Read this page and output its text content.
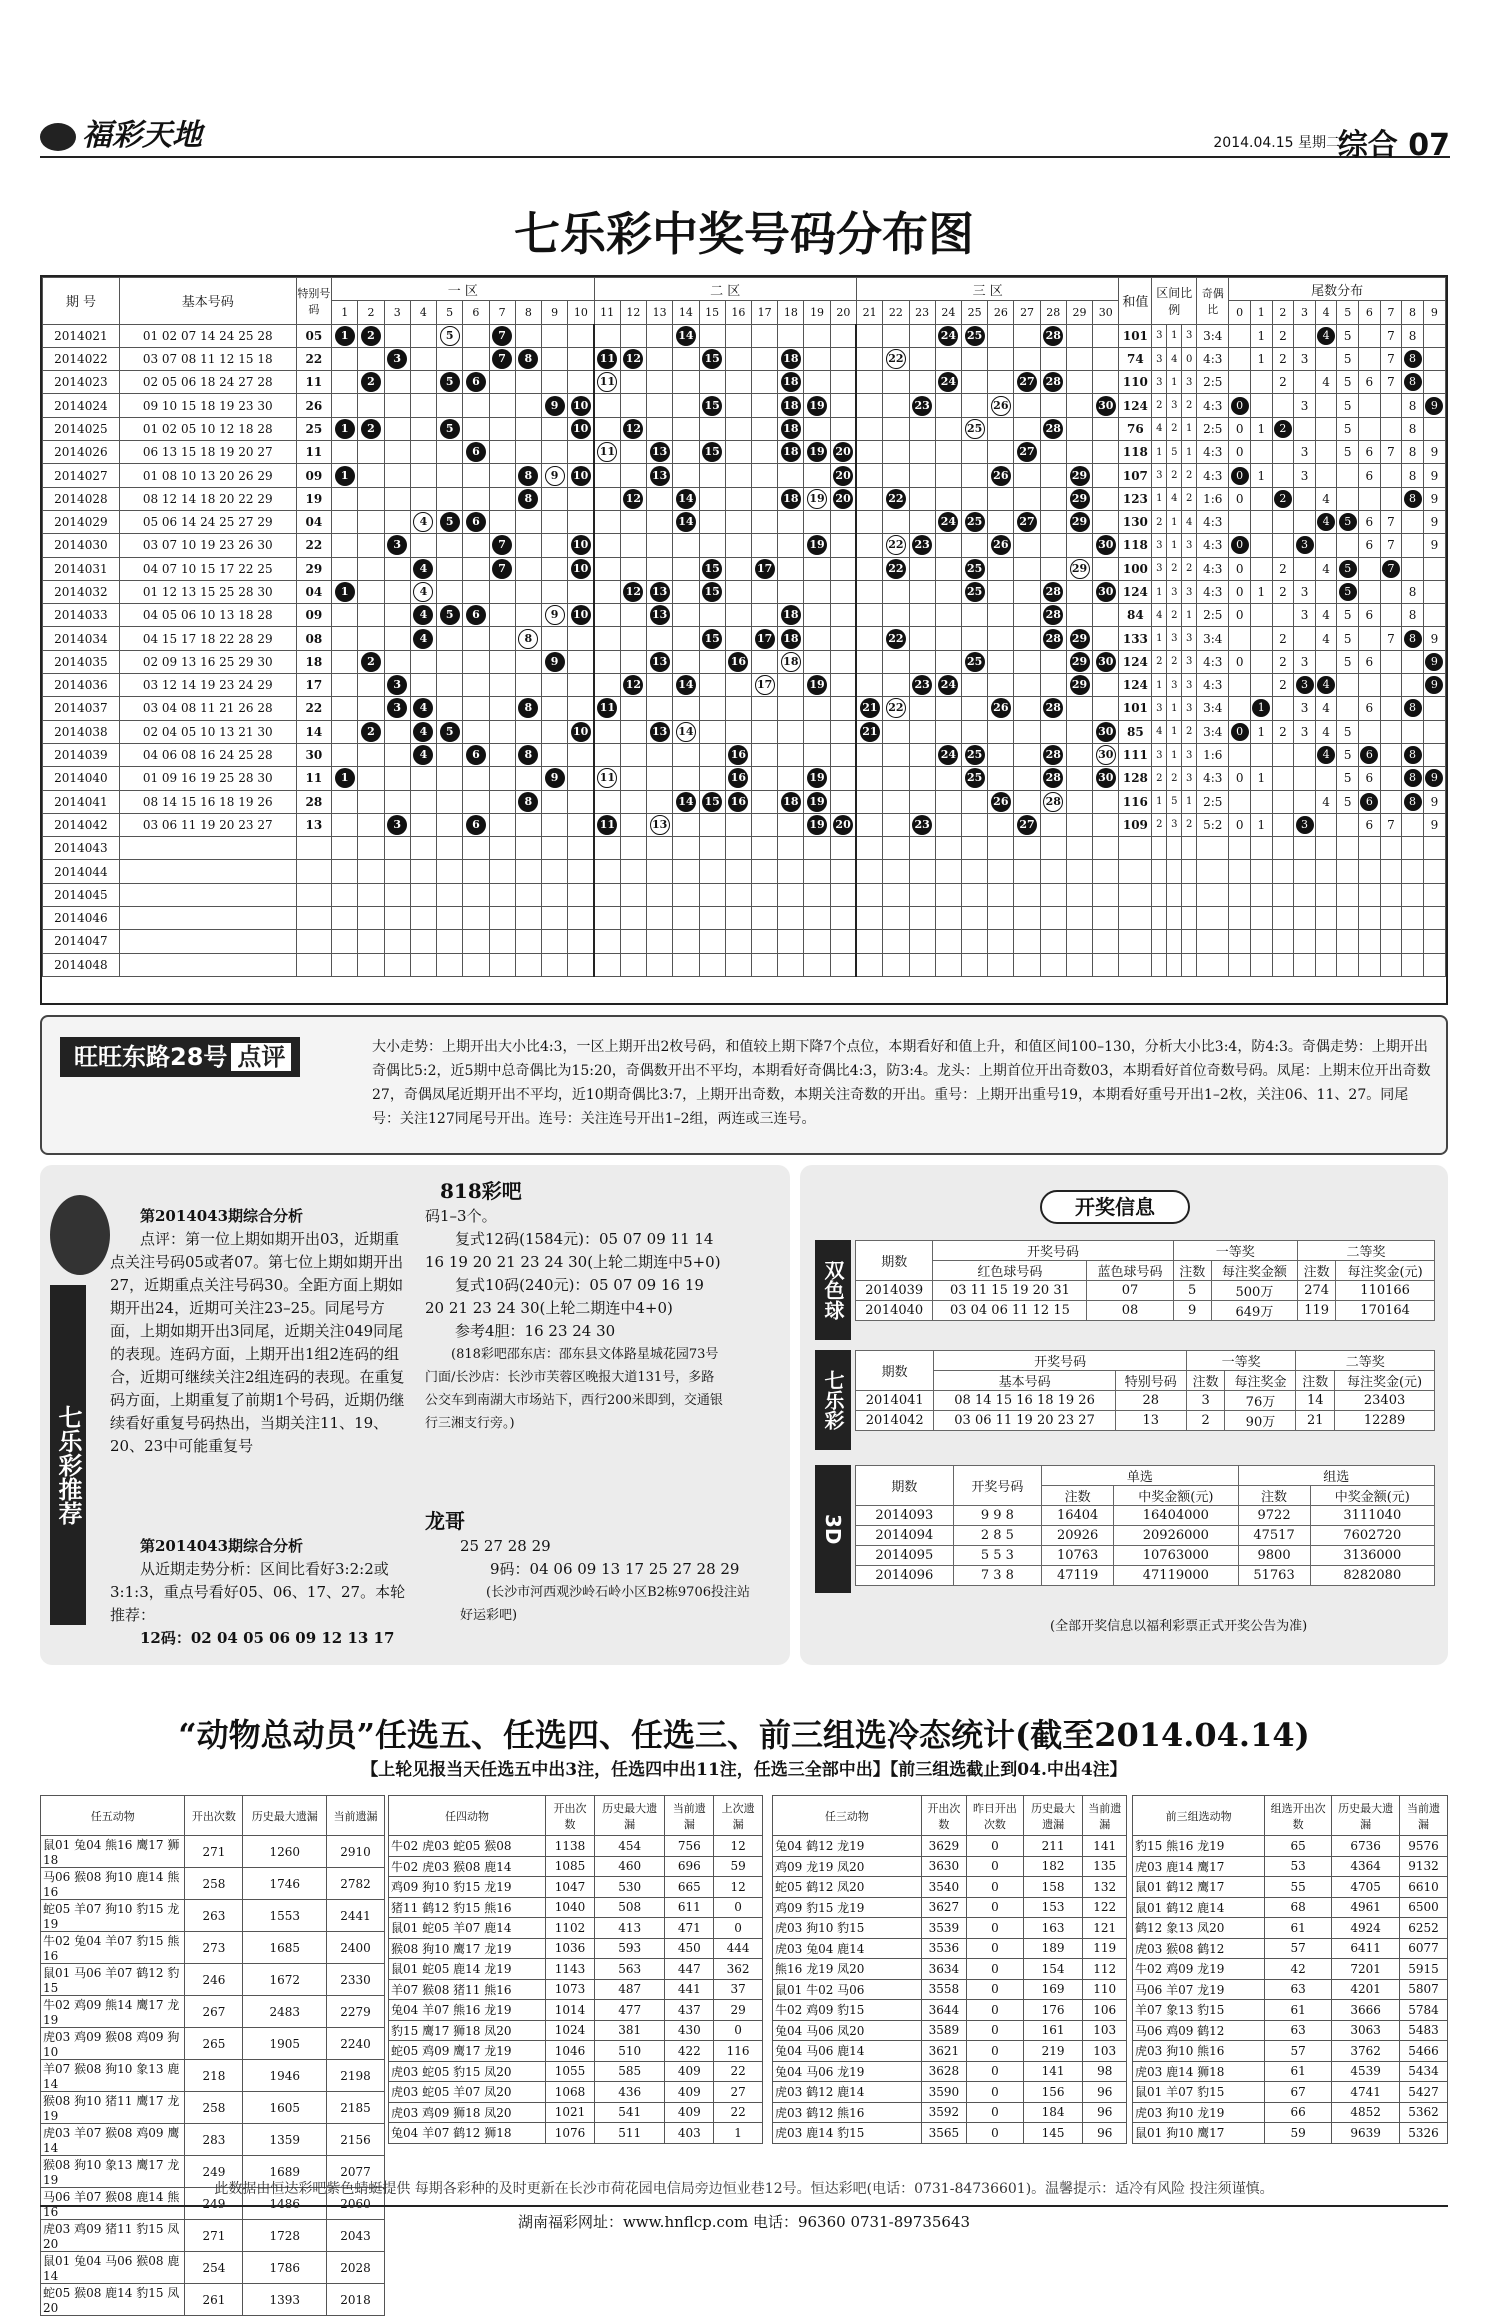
福彩天地	2014.04.15 星期二
综合 07
七乐彩中奖号码分布图
期 号	基本号码	特别号码	一 区										二 区										三 区										和值	区间比例			奇偶比	尾数分布									
			1	2	3	4	5	6	7	8	9	10	11	12	13	14	15	16	17	18	19	20	21	22	23	24	25	26	27	28	29	30						0	1	2	3	4	5	6	7	8	9
2014021	01 02 07 14 24 25 28	05	1	2			5		7							14										24	25			28			101	3	1	3	3:4		1	2		4	5		7	8	
2014022	03 07 08 11 12 15 18	22			3				7	8			11	12			15			18				22									74	3	4	0	4:3		1	2	3		5		7	8	
2014023	02 05 06 18 24 27 28	11		2			5	6					11							18						24			27	28			110	3	1	3	2:5			2		4	5	6	7	8	
2014024	09 10 15 18 19 23 30	26									9	10					15			18	19				23			26				30	124	2	3	2	4:3	0			3		5			8	9
2014025	01 02 05 10 12 18 28	25	1	2			5					10		12						18							25			28			76	4	2	1	2:5	0	1	2			5			8	
2014026	06 13 15 18 19 20 27	11						6					11		13		15			18	19	20							27				118	1	5	1	4:3	0			3		5	6	7	8	9
2014027	01 08 10 13 20 26 29	09	1							8	9	10			13							20						26			29		107	3	2	2	4:3	0	1		3			6		8	9
2014028	08 12 14 18 20 22 29	19								8				12		14				18	19	20		22							29		123	1	4	2	1:6	0		2		4				8	9
2014029	05 06 14 24 25 27 29	04				4	5	6								14										24	25		27		29		130	2	1	4	4:3					4	5	6	7		9
2014030	03 07 10 19 23 26 30	22			3				7			10									19			22	23			26				30	118	3	1	3	4:3	0			3			6	7		9
2014031	04 07 10 15 17 22 25	29				4			7			10					15		17					22			25				29		100	3	2	2	4:3	0		2		4	5		7		
2014032	01 12 13 15 25 28 30	04	1			4								12	13		15										25			28		30	124	1	3	3	4:3	0	1	2	3		5			8	
2014033	04 05 06 10 13 18 28	09				4	5	6			9	10			13					18										28			84	4	2	1	2:5	0			3	4	5	6		8	
2014034	04 15 17 18 22 28 29	08				4				8							15		17	18				22						28	29		133	1	3	3	3:4			2		4	5		7	8	9
2014035	02 09 13 16 25 29 30	18		2							9				13			16		18							25				29	30	124	2	2	3	4:3	0		2	3		5	6			9
2014036	03 12 14 19 23 24 29	17			3									12		14			17		19				23	24					29		124	1	3	3	4:3			2	3	4					9
2014037	03 04 08 11 21 26 28	22			3	4				8			11										21	22				26		28			101	3	1	3	3:4		1		3	4		6		8	
2014038	02 04 05 10 13 21 30	14		2		4	5					10			13	14							21									30	85	4	1	2	3:4	0	1	2	3	4	5				
2014039	04 06 08 16 24 25 28	30				4		6		8								16								24	25			28		30	111	3	1	3	1:6					4	5	6		8	
2014040	01 09 16 19 25 28 30	11	1								9		11					16			19						25			28		30	128	2	2	3	4:3	0	1				5	6		8	9
2014041	08 14 15 16 18 19 26	28								8						14	15	16		18	19							26		28			116	1	5	1	2:5					4	5	6		8	9
2014042	03 06 11 19 20 23 27	13			3			6					11		13						19	20			23				27				109	2	3	2	5:2	0	1		3			6	7		9
2014043																																															
2014044																																															
2014045																																															
2014046																																															
2014047																																															
2014048																																															
旺旺东路28号 点评	大小走势：上期开出大小比4:3，一区上期开出2枚号码，和值较上期下降7个点位，本期看好和值上升，和值区间100–130，分析大小比3:4，防4:3。奇偶走势：上期开出奇偶比5:2，近5期中总奇偶比为15:20，奇偶数开出不平均，本期看好奇偶比4:3，防3:4。龙头：上期首位开出奇数03，本期看好首位奇数号码。凤尾：上期末位开出奇数27，奇偶凤尾近期开出不平均，近10期奇偶比3:7，上期开出奇数，本期关注奇数的开出。重号：上期开出重号19，本期看好重号开出1–2枚，关注06、11、27。同尾号：关注127同尾号开出。连号：关注连号开出1–2组，两连或三连号。
七乐彩推荐
818彩吧
第2014043期综合分析
点评：第一位上期如期开出03，近期重点关注号码05或者07。第七位上期如期开出27，近期重点关注号码30。全距方面上期如期开出24，近期可关注23–25。同尾号方面，上期如期开出3同尾，近期关注049同尾的表现。连码方面，上期开出1组2连码的组合，近期可继续关注2组连码的表现。在重复码方面，上期重复了前期1个号码，近期仍继续看好重复号码热出，当期关注11、19、20、23中可能重复号
码1–3个。
复式12码(1584元)：05 07 09 11 14 16 19 20 21 23 24 30(上轮二期连中5+0)
复式10码(240元)：05 07 09 16 19 20 21 23 24 30(上轮二期连中4+0)
参考4胆：16 23 24 30
(818彩吧邵东店：邵东县文体路星城花园73号门面/长沙店：长沙市芙蓉区晚报大道131号，多路公交车到南湖大市场站下，西行200米即到，交通银行三湘支行旁。)
龙哥
第2014043期综合分析
从近期走势分析：区间比看好3:2:2或3:1:3，重点号看好05、06、17、27。本轮推荐：
12码：02 04 05 06 09 12 13 17
25 27 28 29
9码：04 06 09 13 17 25 27 28 29
(长沙市河西观沙岭石岭小区B2栋9706投注站 好运彩吧)
开奖信息
双色球	期数	开奖号码		一等奖		二等奖	
	红色球号码	蓝色球号码	注数	每注奖金额	注数	每注奖金(元)
2014039	03 11 15 19 20 31	07	5	500万	274	110166
2014040	03 04 06 11 12 15	08	9	649万	119	170164
七乐彩	期数	开奖号码		一等奖		二等奖	
	基本号码	特别号码	注数	每注奖金	注数	每注奖金(元)
2014041	08 14 15 16 18 19 26	28	3	76万	14	23403
2014042	03 06 11 19 20 23 27	13	2	90万	21	12289
3D
期数	开奖号码	单选		组选	
		注数	中奖金额(元)	注数	中奖金额(元)
2014093	9 9 8	16404	16404000	9722	3111040
2014094	2 8 5	20926	20926000	47517	7602720
2014095	5 5 3	10763	10763000	9800	3136000
2014096	7 3 8	47119	47119000	51763	8282080
(全部开奖信息以福利彩票正式开奖公告为准)
“动物总动员”任选五、任选四、任选三、前三组选冷态统计(截至2014.04.14)
【上轮见报当天任选五中出3注，任选四中出11注，任选三全部中出】【前三组选截止到04.中出4注】
任五动物	开出次数	历史最大遗漏	当前遗漏
鼠01 兔04 熊16 鹰17 狮18	271	1260	2910
马06 猴08 狗10 鹿14 熊16	258	1746	2782
蛇05 羊07 狗10 豹15 龙19	263	1553	2441
牛02 兔04 羊07 豹15 熊16	273	1685	2400
鼠01 马06 羊07 鹤12 豹15	246	1672	2330
牛02 鸡09 熊14 鹰17 龙19	267	2483	2279
虎03 鸡09 猴08 鸡09 狗10	265	1905	2240
羊07 猴08 狗10 象13 鹿14	218	1946	2198
猴08 狗10 猪11 鹰17 龙19	258	1605	2185
虎03 羊07 猴08 鸡09 鹰14	283	1359	2156
猴08 狗10 象13 鹰17 龙19	249	1689	2077
马06 羊07 猴08 鹿14 熊16	249	1486	2060
虎03 鸡09 猪11 豹15 凤20	271	1728	2043
鼠01 兔04 马06 猴08 鹿14	254	1786	2028
蛇05 猴08 鹿14 豹15 凤20	261	1393	2018
任四动物	开出次数	历史最大遗漏	当前遗漏	上次遗漏
牛02 虎03 蛇05 猴08	1138	454	756	12
牛02 虎03 猴08 鹿14	1085	460	696	59
鸡09 狗10 豹15 龙19	1047	530	665	12
猪11 鹤12 豹15 熊16	1040	508	611	0
鼠01 蛇05 羊07 鹿14	1102	413	471	0
猴08 狗10 鹰17 龙19	1036	593	450	444
鼠01 蛇05 鹿14 龙19	1143	563	447	362
羊07 猴08 猪11 熊16	1073	487	441	37
兔04 羊07 熊16 龙19	1014	477	437	29
豹15 鹰17 狮18 凤20	1024	381	430	0
蛇05 鸡09 鹰17 龙19	1046	510	422	116
虎03 蛇05 豹15 凤20	1055	585	409	22
虎03 蛇05 羊07 凤20	1068	436	409	27
虎03 鸡09 狮18 凤20	1021	541	409	22
兔04 羊07 鹤12 狮18	1076	511	403	1
任三动物	开出次数	昨日开出次数	历史最大遗漏	当前遗漏
兔04 鹤12 龙19	3629	0	211	141
鸡09 龙19 凤20	3630	0	182	135
蛇05 鹤12 凤20	3540	0	158	132
鸡09 豹15 龙19	3627	0	153	122
虎03 狗10 豹15	3539	0	163	121
虎03 兔04 鹿14	3536	0	189	119
熊16 龙19 凤20	3634	0	154	112
鼠01 牛02 马06	3558	0	169	110
牛02 鸡09 豹15	3644	0	176	106
兔04 马06 凤20	3589	0	161	103
兔04 马06 鹿14	3621	0	219	103
兔04 马06 龙19	3628	0	141	98
虎03 鹤12 鹿14	3590	0	156	96
虎03 鹤12 熊16	3592	0	184	96
虎03 鹿14 豹15	3565	0	145	96
前三组选动物	组选开出次数	历史最大遗漏	当前遗漏
豹15 熊16 龙19	65	6736	9576
虎03 鹿14 鹰17	53	4364	9132
鼠01 鹤12 鹰17	55	4705	6610
鼠01 鹤12 鹿14	68	4961	6500
鹤12 象13 凤20	61	4924	6252
虎03 猴08 鹤12	57	6411	6077
牛02 鸡09 龙19	42	7201	5915
马06 羊07 龙19	63	4201	5807
羊07 象13 豹15	61	3666	5784
马06 鸡09 鹤12	63	3063	5483
虎03 狗10 熊16	57	3762	5466
虎03 鹿14 狮18	61	4539	5434
鼠01 羊07 豹15	67	4741	5427
虎03 狗10 龙19	66	4852	5362
鼠01 狗10 鹰17	59	9639	5326
此数据由恒达彩吧紫色蜻蜓提供 每期各彩种的及时更新在长沙市荷花园电信局旁边恒业巷12号。恒达彩吧(电话：0731-84736601)。温馨提示：适冷有风险 投注须谨慎。
湖南福彩网址：www.hnflcp.com 电话：96360 0731-89735643
